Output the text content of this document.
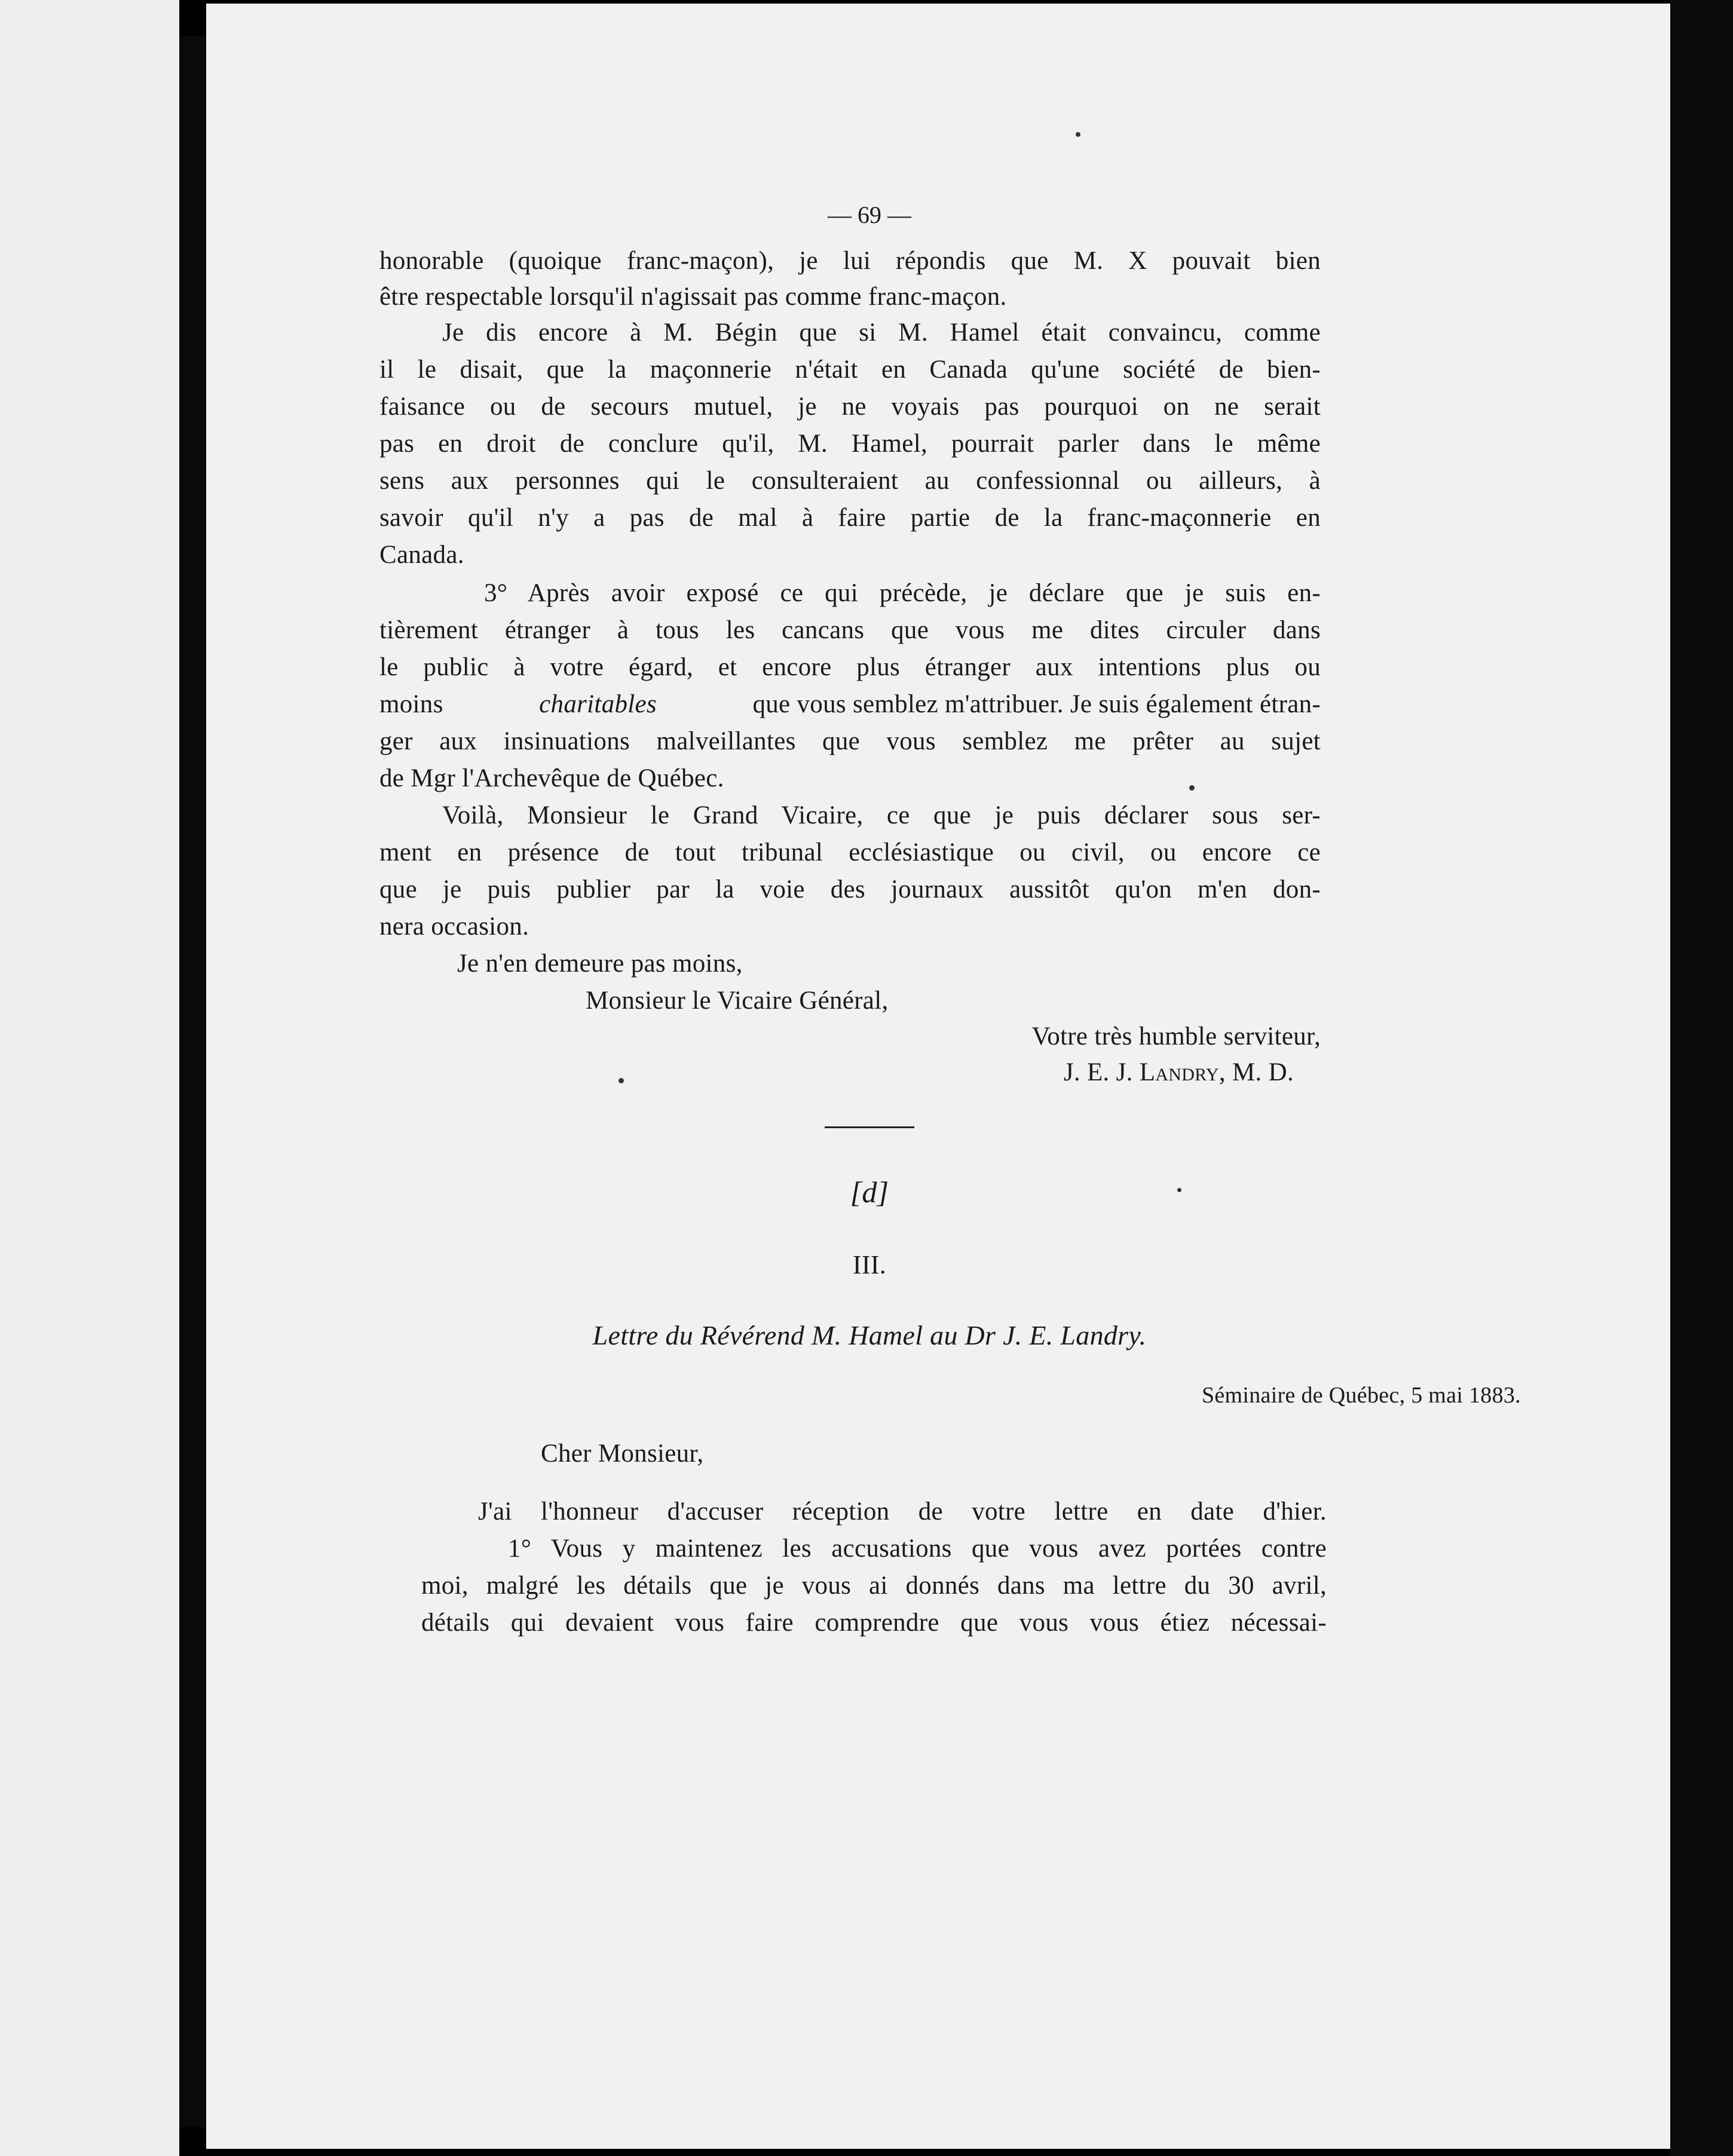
— 69 —
honorable (quoique franc-maçon), je lui répondis que M. X pouvait bien
être respectable lorsqu'il n'agissait pas comme franc-maçon.
Je dis encore à M. Bégin que si M. Hamel était convaincu, comme
il le disait, que la maçonnerie n'était en Canada qu'une société de bien-
faisance ou de secours mutuel, je ne voyais pas pourquoi on ne serait
pas en droit de conclure qu'il, M. Hamel, pourrait parler dans le même
sens aux personnes qui le consulteraient au confessionnal ou ailleurs, à
savoir qu'il n'y a pas de mal à faire partie de la franc-maçonnerie en
Canada.
3° Après avoir exposé ce qui précède, je déclare que je suis en-
tièrement étranger à tous les cancans que vous me dites circuler dans
le public à votre égard, et encore plus étranger aux intentions plus ou
moins	charitables	que vous semblez m'attribuer. Je suis également étran-
ger aux insinuations malveillantes que vous semblez me prêter au sujet
de Mgr l'Archevêque de Québec.
Voilà, Monsieur le Grand Vicaire, ce que je puis déclarer sous ser-
ment en présence de tout tribunal ecclésiastique ou civil, ou encore ce
que je puis publier par la voie des journaux aussitôt qu'on m'en don-
nera occasion.
Je n'en demeure pas moins,
Monsieur le Vicaire Général,
Votre très humble serviteur,
J. E. J. Landry, M. D.
[d]
III.
Lettre du Révérend M. Hamel au Dr J. E. Landry.
Séminaire de Québec, 5 mai 1883.
Cher Monsieur,
J'ai l'honneur d'accuser réception de votre lettre en date d'hier.
1° Vous y maintenez les accusations que vous avez portées contre
moi, malgré les détails que je vous ai donnés dans ma lettre du 30 avril,
détails qui devaient vous faire comprendre que vous vous étiez nécessai-
